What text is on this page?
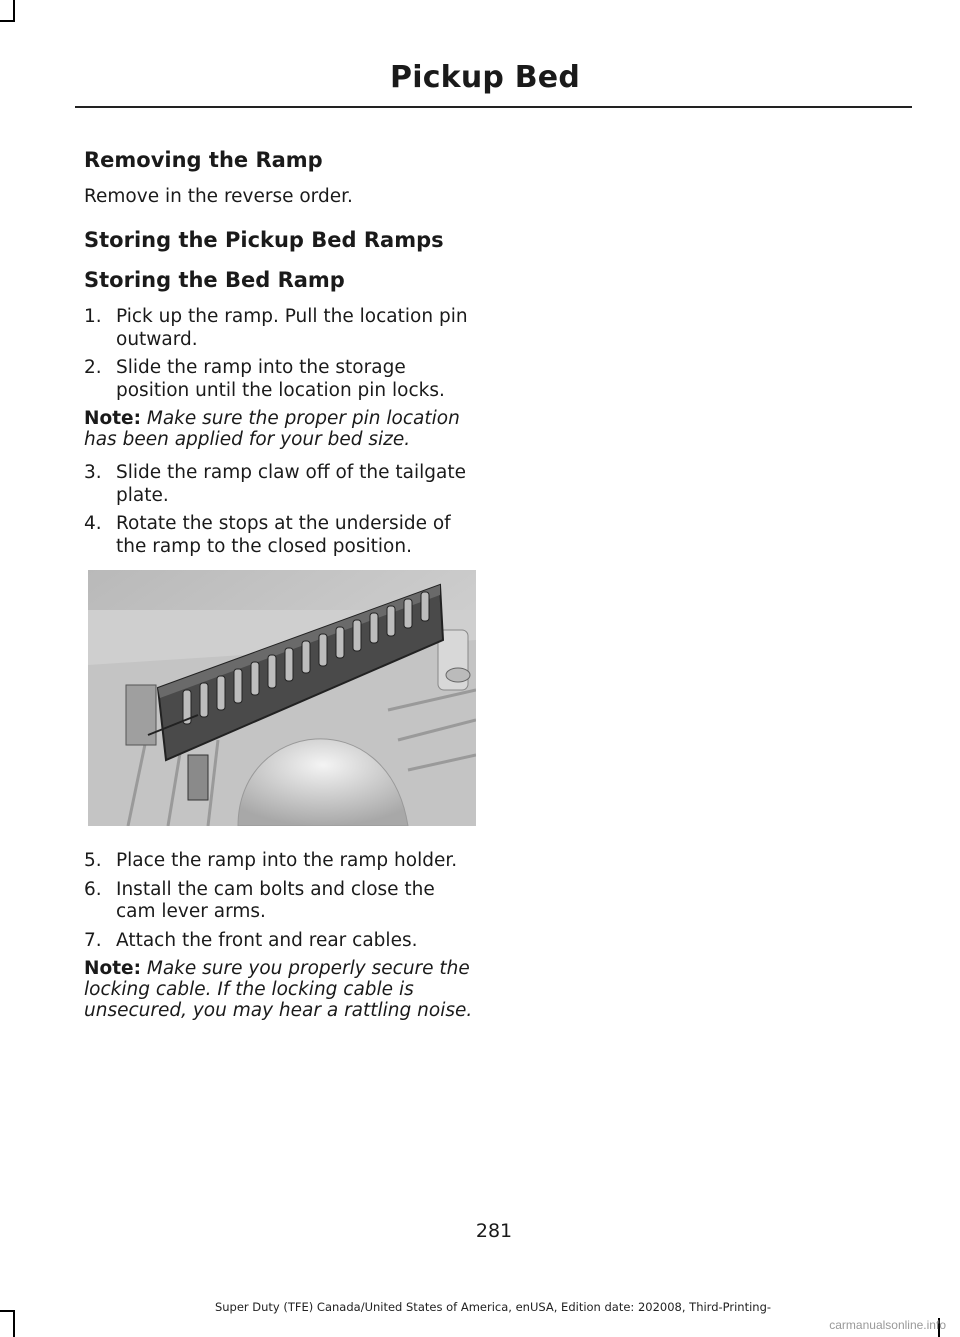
Pickup Bed
Removing the Ramp

Remove in the reverse order.

Storing the Pickup Bed Ramps
Storing the Bed Ramp
1. Pick up the ramp. Pull the location pin outward.
2. Slide the ramp into the storage position until the location pin locks.
Note: Make sure the proper pin location has been applied for your bed size.
3. Slide the ramp claw off of the tailgate plate.
4. Rotate the stops at the underside of the ramp to the closed position.
5. Place the ramp into the ramp holder.
6. Install the cam bolts and close the cam lever arms.
7. Attach the front and rear cables.
Note: Make sure you properly secure the locking cable. If the locking cable is unsecured, you may hear a rattling noise.
281
Super Duty (TFE) Canada/United States of America, enUSA, Edition date: 202008, Third-Printing-
carmanualsonline.info
